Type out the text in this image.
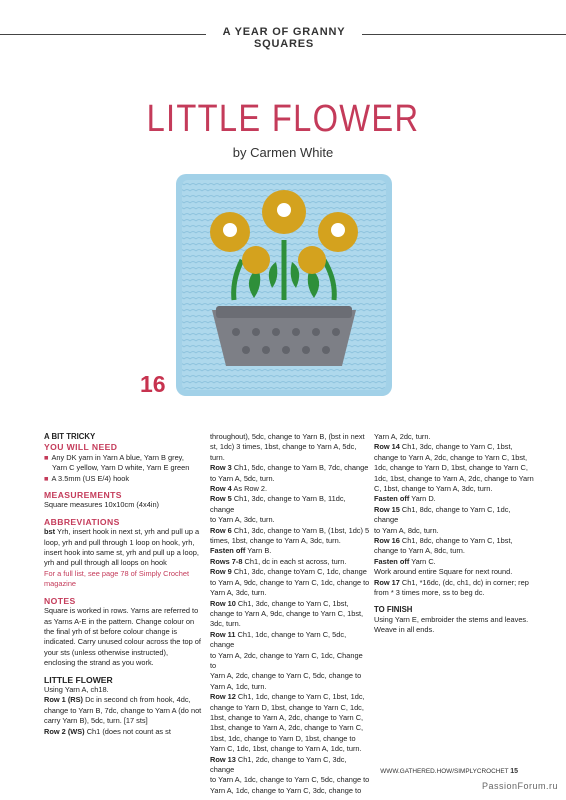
A YEAR OF GRANNY SQUARES
LITTLE FLOWER
by Carmen White
16

A BIT TRICKY

YOU WILL NEED

■ Any DK yarn in Yarn A blue, Yarn B grey,

Yarn C yellow, Yarn D white, Yarn E green

■ A 3.5mm (US E/4) hook

MEASUREMENTS

Square measures 10x10cm (4x4in)

ABBREVIATIONS

bst Yrh, insert hook in next st, yrh and pull up a

loop, yrh and pull through 1 loop on hook, yrh,

insert hook into same st, yrh and pull up a loop,

yrh and pull through all loops on hook

For a full list, see page 78 of Simply Crochet

magazine

NOTES

Square is worked in rows. Yarns are referred to

as Yarns A-E in the pattern. Change colour on

the final yrh of st before colour change is

indicated. Carry unused colour across the top of

your sts (unless otherwise instructed),

enclosing the strand as you work.

LITTLE FLOWER

Using Yarn A, ch18.

Row 1 (RS) Dc in second ch from hook, 4dc,

change to Yarn B, 7dc, change to Yarn A (do not

carry Yarn B), 5dc, turn. [17 sts]

Row 2 (WS) Ch1 (does not count as st

throughout), 5dc, change to Yarn B, (bst in next

st, 1dc) 3 times, 1bst, change to Yarn A, 5dc,

turn.

Row 3 Ch1, 5dc, change to Yarn B, 7dc, change

to Yarn A, 5dc, turn.

Row 4 As Row 2.

Row 5 Ch1, 3dc, change to Yarn B, 11dc, change

to Yarn A, 3dc, turn.

Row 6 Ch1, 3dc, change to Yarn B, (1bst, 1dc) 5

times, 1bst, change to Yarn A, 3dc, turn.

Fasten off Yarn B.

Rows 7-8 Ch1, dc in each st across, turn.

Row 9 Ch1, 3dc, change toYarn C, 1dc, change

to Yarn A, 9dc, change to Yarn C, 1dc, change to

Yarn A, 3dc, turn.

Row 10 Ch1, 3dc, change to Yarn C, 1bst,

change to Yarn A, 9dc, change to Yarn C, 1bst,

3dc, turn.

Row 11 Ch1, 1dc, change to Yarn C, 5dc, change

to Yarn A, 2dc, change to Yarn C, 1dc, Change to

Yarn A, 2dc, change to Yarn C, 5dc, change to

Yarn A, 1dc, turn.

Row 12 Ch1, 1dc, change to Yarn C, 1bst, 1dc,

change to Yarn D, 1bst, change to Yarn C, 1dc,

1bst, change to Yarn A, 2dc, change to Yarn C,

1bst, change to Yarn A, 2dc, change to Yarn C,

1bst, 1dc, change to Yarn D, 1bst, change to

Yarn C, 1dc, 1bst, change to Yarn A, 1dc, turn.

Row 13 Ch1, 2dc, change to Yarn C, 3dc, change

to Yarn A, 1dc, change to Yarn C, 5dc, change to

Yarn A, 1dc, change to Yarn C, 3dc, change to

Yarn A, 2dc, turn.

Row 14 Ch1, 3dc, change to Yarn C, 1bst,

change to Yarn A, 2dc, change to Yarn C, 1bst,

1dc, change to Yarn D, 1bst, change to Yarn C,

1dc, 1bst, change to Yarn A, 2dc, change to Yarn

C, 1bst, change to Yarn A, 3dc, turn.

Fasten off Yarn D.

Row 15 Ch1, 8dc, change to Yarn C, 1dc, change

to Yarn A, 8dc, turn.

Row 16 Ch1, 8dc, change to Yarn C, 1bst,

change to Yarn A, 8dc, turn.

Fasten off Yarn C.

Work around entire Square for next round.

Row 17 Ch1, *16dc, (dc, ch1, dc) in corner; rep

from * 3 times more, ss to beg dc.

TO FINISH

Using Yarn E, embroider the stems and leaves.

Weave in all ends.

WWW.GATHERED.HOW/SIMPLYCROCHET 15
PassionForum.ru
